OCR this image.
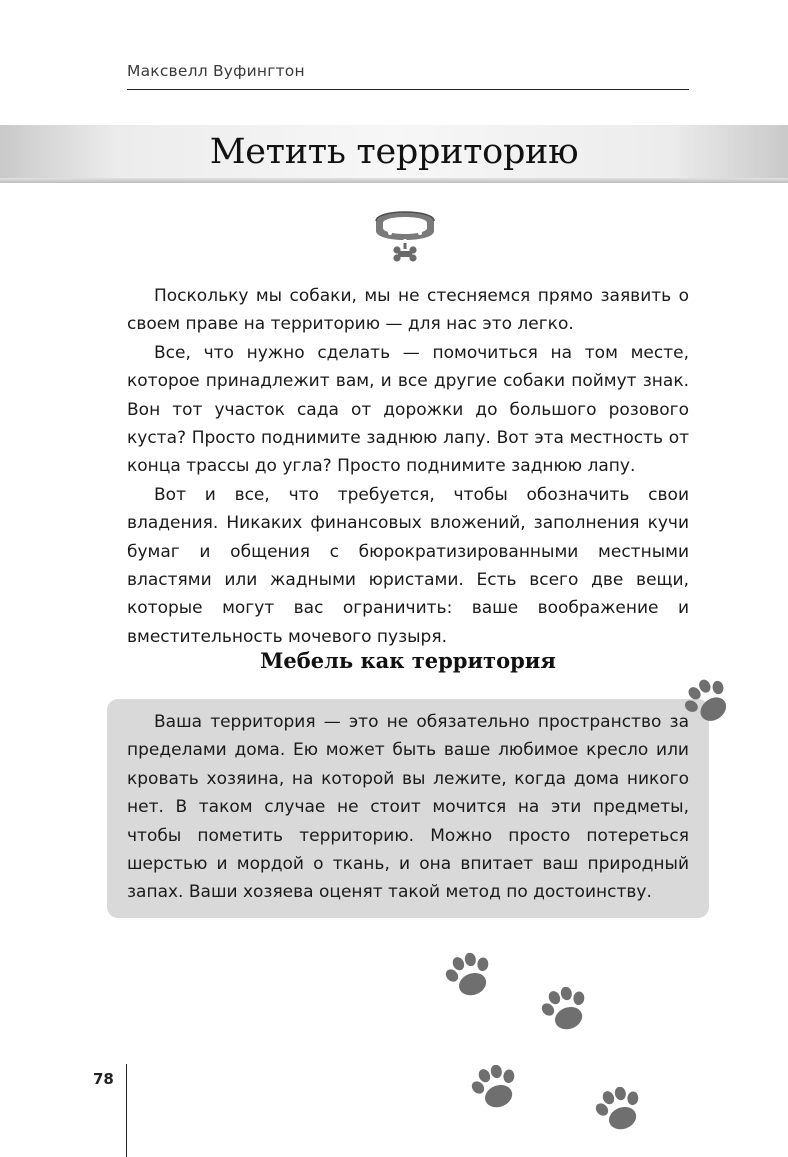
Максвелл Вуфингтон
Метить территорию

Поскольку мы собаки, мы не стесняемся прямо заявить о своем праве на территорию — для нас это легко.

Все, что нужно сделать — помочиться на том месте, которое принадлежит вам, и все другие собаки поймут знак. Вон тот участок сада от дорожки до большого розового куста? Просто поднимите заднюю лапу. Вот эта местность от конца трассы до угла? Просто поднимите заднюю лапу.

Вот и все, что требуется, чтобы обозначить свои владения. Никаких финансовых вложений, заполнения кучи бумаг и общения с бюрократизированными местными властями или жадными юристами. Есть всего две вещи, которые могут вас ограничить: ваше воображение и вместительность мочевого пузыря.

Мебель как территория

Ваша территория — это не обязательно пространство за пределами дома. Ею может быть ваше любимое кресло или кровать хозяина, на которой вы лежите, когда дома никого нет. В таком случае не стоит мочится на эти предметы, чтобы пометить территорию. Можно просто потереться шерстью и мордой о ткань, и она впитает ваш природный запах. Ваши хозяева оценят такой метод по достоинству.

78
